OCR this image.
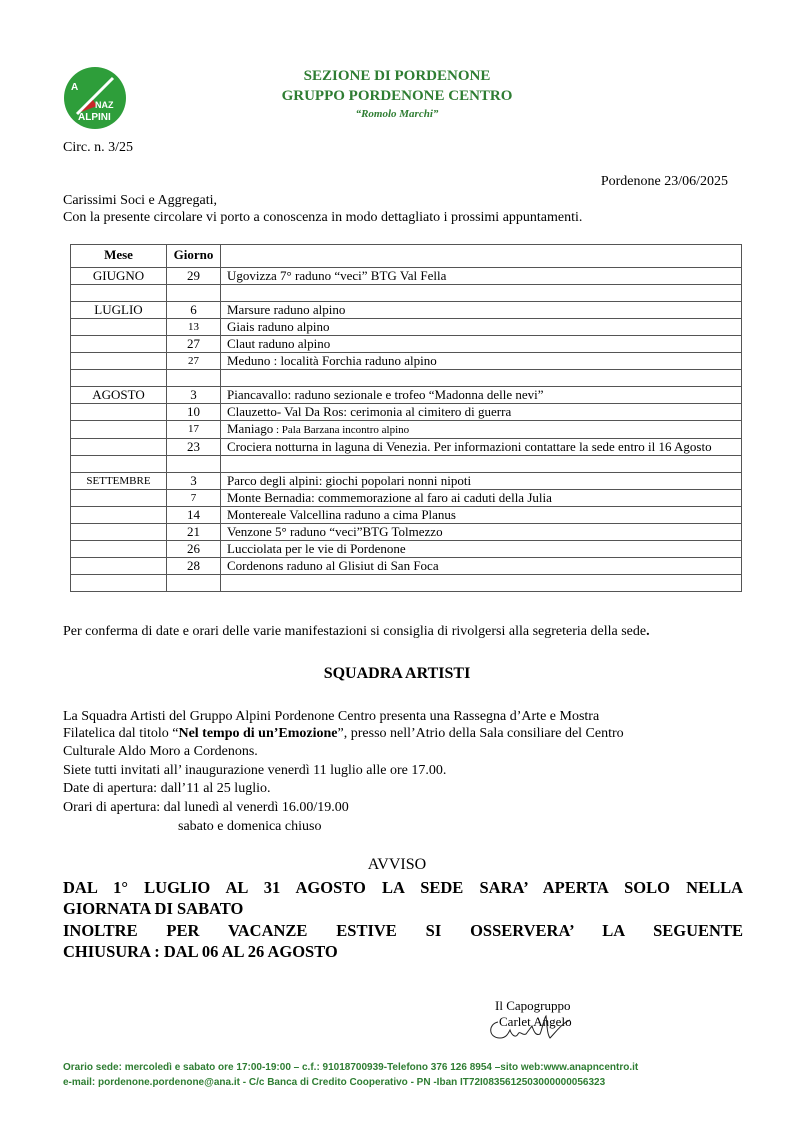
A
NAZ
ALPINI
SEZIONE DI PORDENONE
GRUPPO PORDENONE CENTRO
“Romolo Marchi”
Circ. n. 3/25
Pordenone 23/06/2025
Carissimi Soci e Aggregati,
Con la presente circolare vi porto a conoscenza in modo dettagliato i prossimi appuntamenti.
Mese	Giorno	
GIUGNO	29	Ugovizza 7° raduno “veci” BTG Val Fella

LUGLIO	6	Marsure raduno alpino
	13	Giais raduno alpino
	27	Claut raduno alpino
	27	Meduno : località Forchia raduno alpino

AGOSTO	3	Piancavallo: raduno sezionale e trofeo “Madonna delle nevi”
	10	Clauzetto- Val Da Ros: cerimonia al cimitero di guerra
	17	Maniago : Pala Barzana incontro alpino
	23	Crociera notturna in laguna di Venezia. Per informazioni contattare la sede entro il 16 Agosto

SETTEMBRE	3	Parco degli alpini: giochi popolari nonni nipoti
	7	Monte Bernadia: commemorazione al faro ai caduti della Julia
	14	Montereale Valcellina raduno a cima Planus
	21	Venzone 5° raduno “veci”BTG Tolmezzo
	26	Lucciolata per le vie di Pordenone
	28	Cordenons raduno al Glisiut di San Foca

Per conferma di date e orari delle varie manifestazioni si consiglia di rivolgersi alla segreteria della sede.
SQUADRA ARTISTI
La Squadra Artisti del Gruppo Alpini Pordenone Centro presenta una Rassegna d’Arte e Mostra
Filatelica dal titolo “Nel tempo di un’Emozione”, presso nell’Atrio della Sala consiliare del Centro
Culturale Aldo Moro a Cordenons.
Siete tutti invitati all’ inaugurazione venerdì 11 luglio alle ore 17.00.
Date di apertura: dall’11 al 25 luglio.
Orari di apertura: dal lunedì al venerdì 16.00/19.00
sabato e domenica chiuso
AVVISO
DAL 1° LUGLIO AL 31 AGOSTO LA SEDE SARA’ APERTA SOLO NELLA
GIORNATA DI SABATO
INOLTRE PER VACANZE ESTIVE SI OSSERVERA’ LA SEGUENTE
CHIUSURA : DAL 06 AL 26 AGOSTO
Il Capogruppo
Carlet Angelo
Orario sede: mercoledì e sabato ore 17:00-19:00 – c.f.: 91018700939-Telefono 376 126 8954 –sito web:www.anapncentro.it
e-mail: pordenone.pordenone@ana.it - C/c Banca di Credito Cooperativo - PN -Iban IT72I0835612503000000056323
